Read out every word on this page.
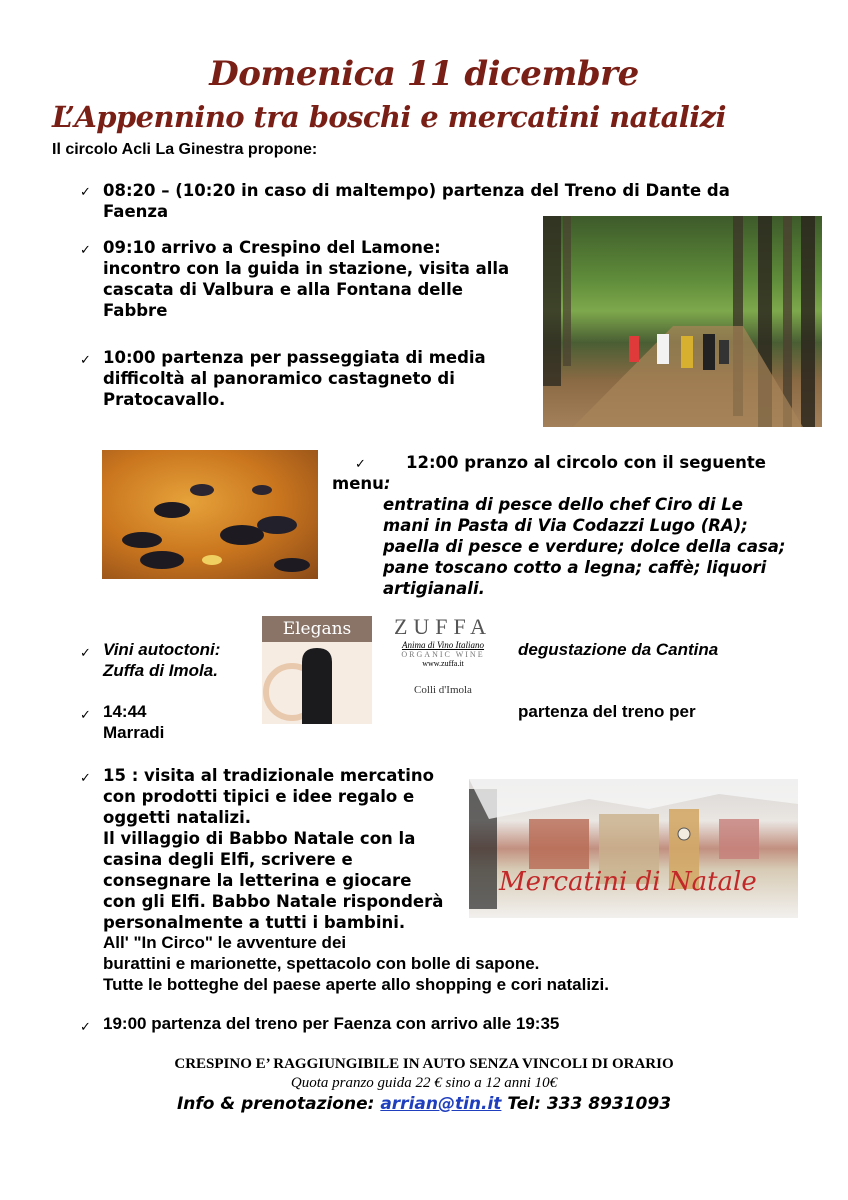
Domenica 11 dicembre
L’Appennino tra boschi e mercatini natalizi
Il circolo Acli La Ginestra propone:
✓ 08:20 – (10:20 in caso di maltempo) partenza del Treno di Dante da
Faenza
✓ 09:10 arrivo a Crespino del Lamone:
incontro con la guida in stazione, visita alla
cascata di Valbura e alla Fontana delle
Fabbre
✓ 10:00 partenza per passeggiata di media
difficoltà al panoramico castagneto di
Pratocavallo.
✓ 12:00 pranzo al circolo con il seguente
menu:
entratina di pesce dello chef Ciro di Le
mani in Pasta di Via Codazzi Lugo (RA);
paella di pesce e verdure; dolce della casa;
pane toscano cotto a legna; caffè; liquori
artigianali.
Elegans	ZUFFA
Anima di Vino Italiano
ORGANIC WINE
www.zuffa.it
Colli d'Imola
✓ Vini autoctoni:
Zuffa di Imola.
degustazione da Cantina
✓ 14:44
Marradi
partenza del treno per
Mercatini di Natale
✓ 15 : visita al tradizionale mercatino
con prodotti tipici e idee regalo e
oggetti natalizi.
Il villaggio di Babbo Natale con la
casina degli Elfi, scrivere e
consegnare la letterina e giocare
con gli Elfi. Babbo Natale risponderà
personalmente a tutti i bambini.
All' "In Circo" le avventure dei
burattini e marionette, spettacolo con bolle di sapone.
Tutte le botteghe del paese aperte allo shopping e cori natalizi.
✓ 19:00 partenza del treno per Faenza con arrivo alle 19:35
CRESPINO E’ RAGGIUNGIBILE IN AUTO SENZA VINCOLI DI ORARIO
Quota pranzo guida 22 € sino a 12 anni 10€
Info & prenotazione: arrian@tin.it Tel: 333 8931093
